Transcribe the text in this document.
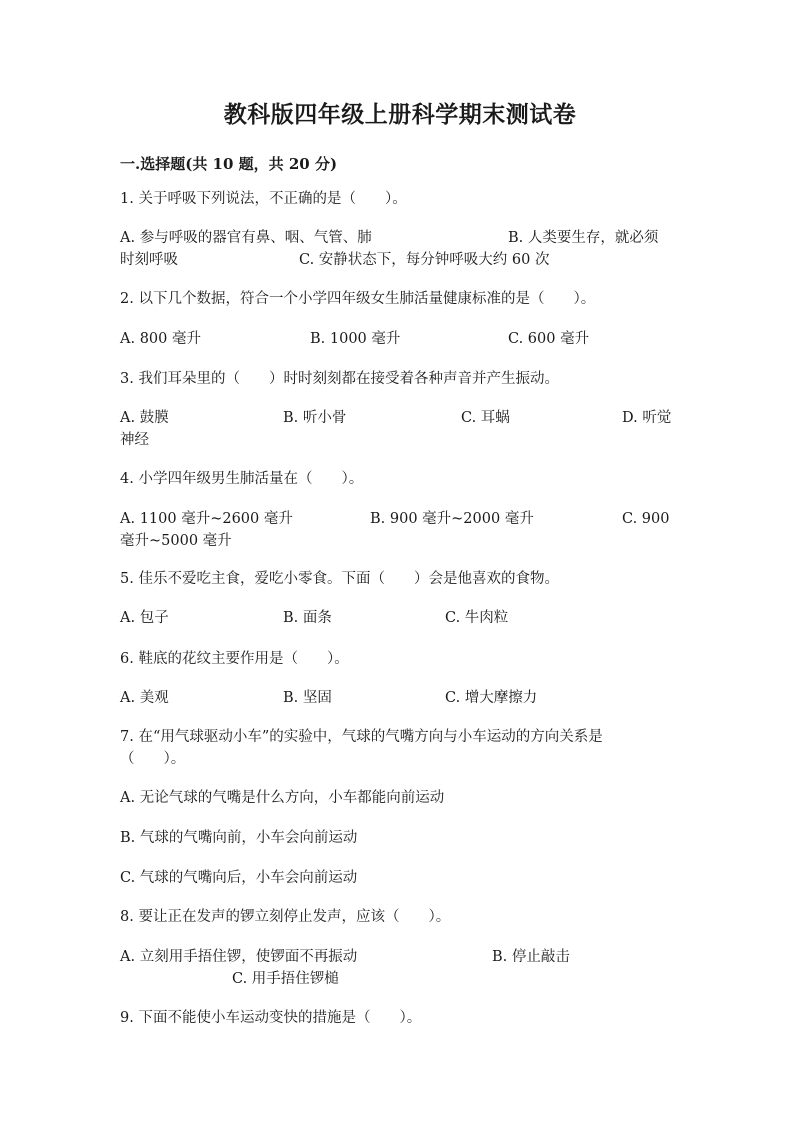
教科版四年级上册科学期末测试卷
一.选择题(共 10 题，共 20 分)
1. 关于呼吸下列说法，不正确的是（　　）。
A. 参与呼吸的器官有鼻、咽、气管、肺	B. 人类要生存，就必须
时刻呼吸	C. 安静状态下，每分钟呼吸大约 60 次
2. 以下几个数据，符合一个小学四年级女生肺活量健康标准的是（　　）。
A. 800 毫升	B. 1000 毫升	C. 600 毫升
3. 我们耳朵里的（　　）时时刻刻都在接受着各种声音并产生振动。
A. 鼓膜	B. 听小骨	C. 耳蜗	D. 听觉
神经
4. 小学四年级男生肺活量在（　　）。
A. 1100 毫升~2600 毫升	B. 900 毫升~2000 毫升	C. 900
毫升~5000 毫升
5. 佳乐不爱吃主食，爱吃小零食。下面（　　）会是他喜欢的食物。
A. 包子	B. 面条	C. 牛肉粒
6. 鞋底的花纹主要作用是（　　）。
A. 美观	B. 坚固	C. 增大摩擦力
7. 在“用气球驱动小车”的实验中，气球的气嘴方向与小车运动的方向关系是
（　　）。
A. 无论气球的气嘴是什么方向，小车都能向前运动
B. 气球的气嘴向前，小车会向前运动
C. 气球的气嘴向后，小车会向前运动
8. 要让正在发声的锣立刻停止发声，应该（　　）。
A. 立刻用手捂住锣，使锣面不再振动	B. 停止敲击
C. 用手捂住锣槌
9. 下面不能使小车运动变快的措施是（　　）。
